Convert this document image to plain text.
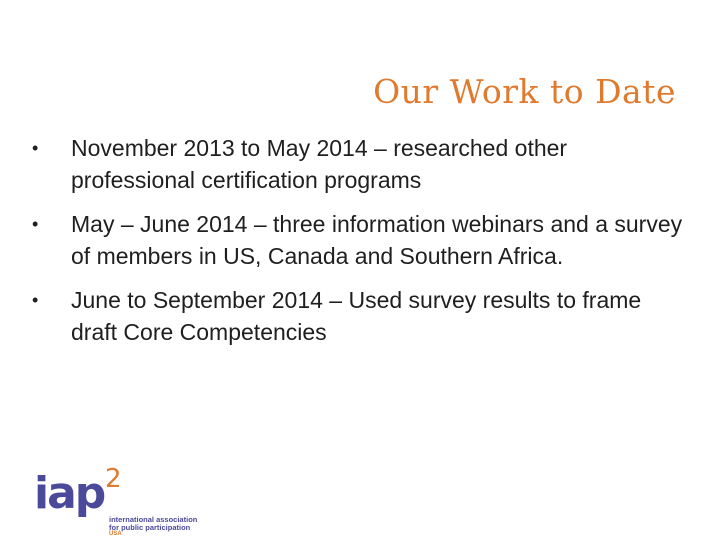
Our Work to Date
•	November 2013 to May 2014 – researched other professional certification programs
•	May – June 2014 – three information webinars and a survey of members in US, Canada and Southern Africa.
•	June to September 2014 – Used survey results to frame draft Core Competencies
iap 2
international association
for public participation
USA
